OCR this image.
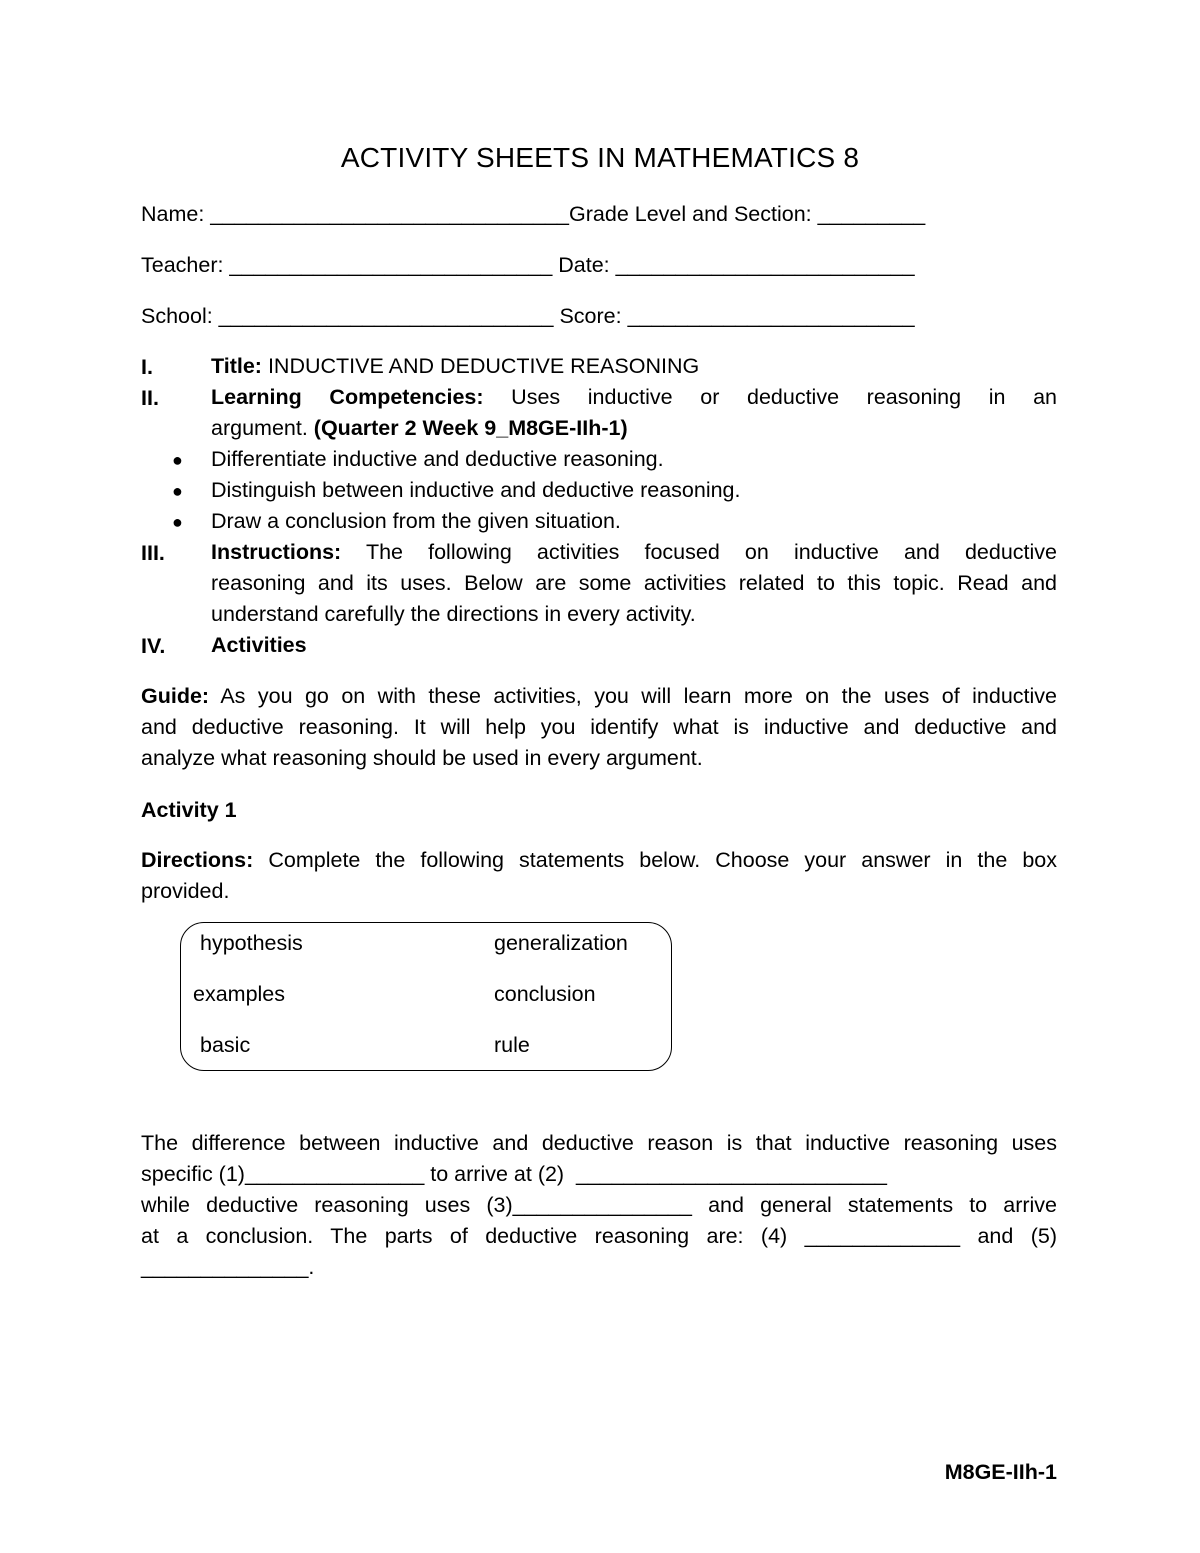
ACTIVITY SHEETS IN MATHEMATICS 8
Name: ______________________________Grade Level and Section: _________
Teacher: ___________________________ Date: _________________________
School: ____________________________ Score: ________________________
I.	Title: INDUCTIVE AND DEDUCTIVE REASONING
II. Learning Competencies: Uses inductive or deductive reasoning in an
argument. (Quarter 2 Week 9_M8GE-IIh-1)
● Differentiate inductive and deductive reasoning.
● Distinguish between inductive and deductive reasoning.
● Draw a conclusion from the given situation.
III. Instructions: The following activities focused on inductive and deductive
reasoning and its uses. Below are some activities related to this topic. Read and
understand carefully the directions in every activity.
IV. Activities
Guide: As you go on with these activities, you will learn more on the uses of inductive
and deductive reasoning. It will help you identify what is inductive and deductive and
analyze what reasoning should be used in every argument.
Activity 1
Directions: Complete the following statements below. Choose your answer in the box
provided.
hypothesis
examples
basic
generalization
conclusion
rule
The difference between inductive and deductive reason is that inductive reasoning uses
specific (1)_______________ to arrive at (2)  __________________________
while deductive reasoning uses (3)_______________ and general statements to arrive
at a conclusion. The parts of deductive reasoning are: (4) _____________ and (5)
______________.
M8GE-IIh-1
